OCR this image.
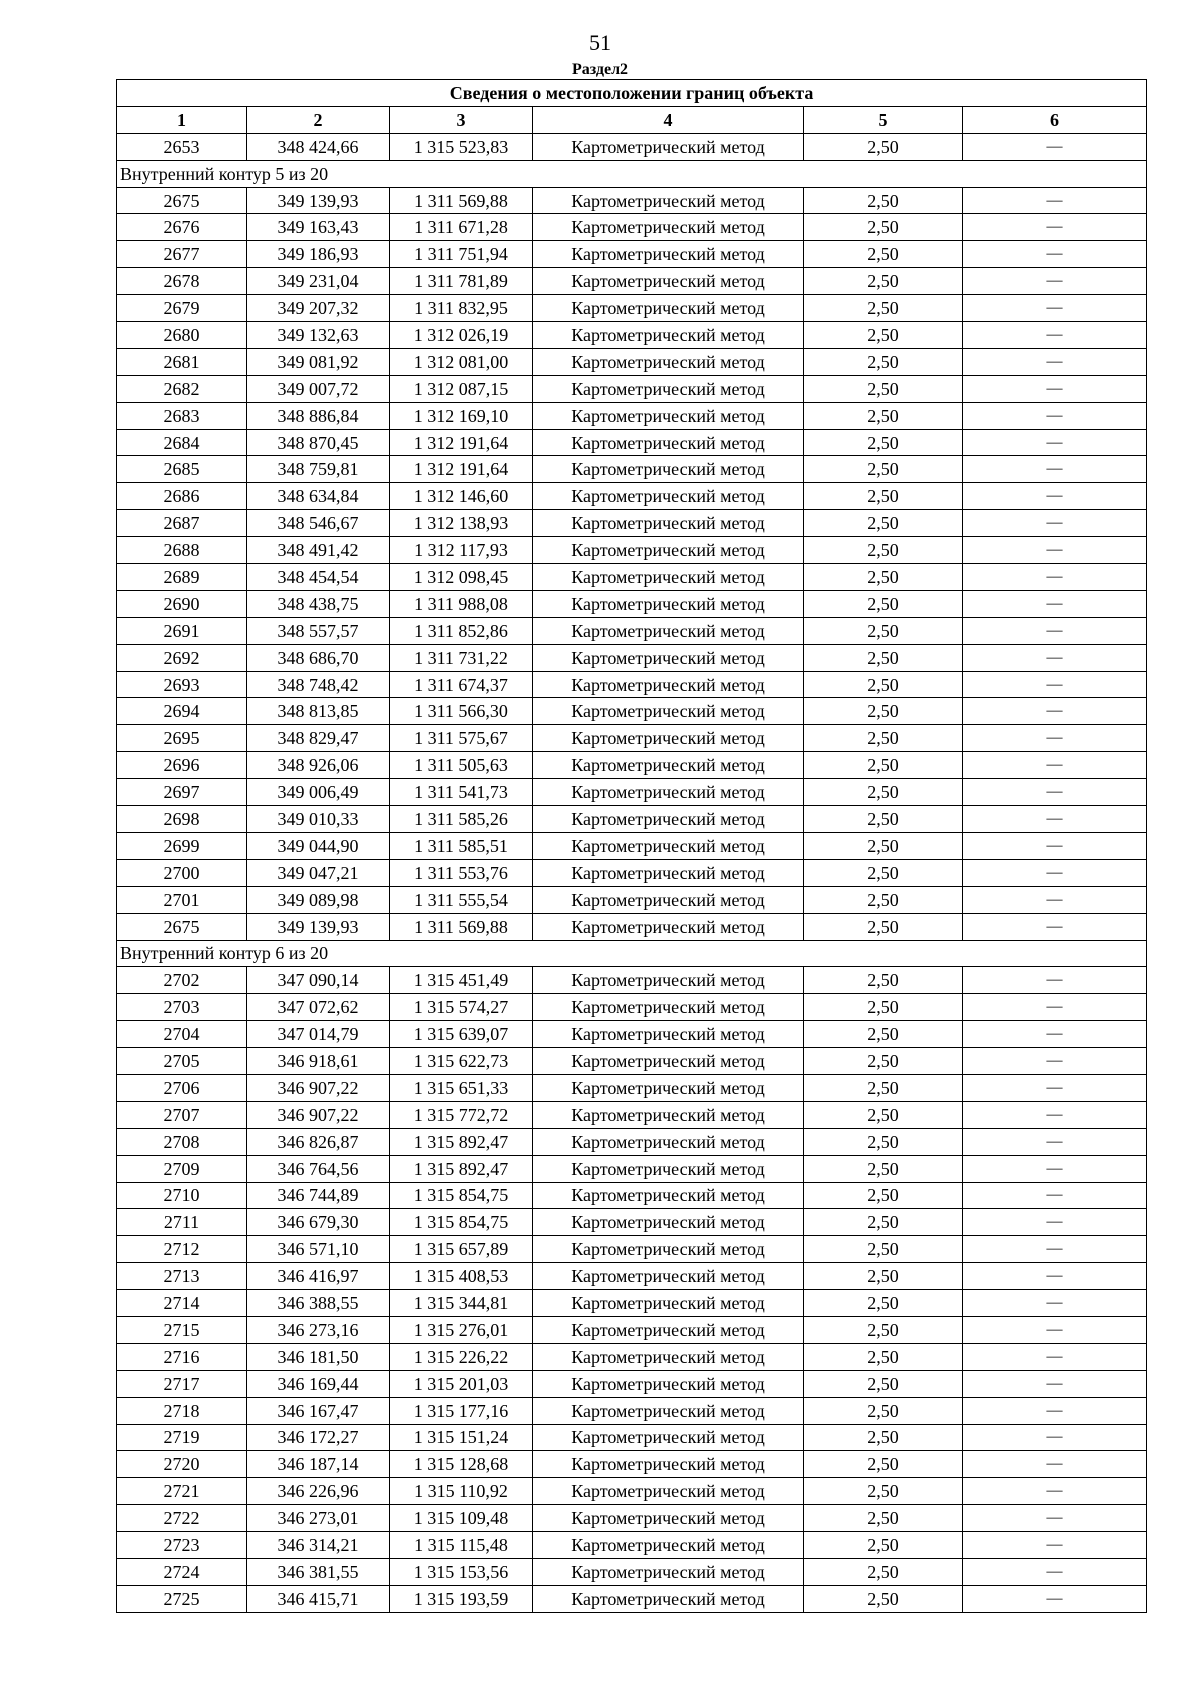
51
Раздел2
Сведения о местоположении границ объекта					
1	2	3	4	5	6
2653	348 424,66	1 315 523,83	Картометрический метод	2,50	—
Внутренний контур 5 из 20					
2675	349 139,93	1 311 569,88	Картометрический метод	2,50	—
2676	349 163,43	1 311 671,28	Картометрический метод	2,50	—
2677	349 186,93	1 311 751,94	Картометрический метод	2,50	—
2678	349 231,04	1 311 781,89	Картометрический метод	2,50	—
2679	349 207,32	1 311 832,95	Картометрический метод	2,50	—
2680	349 132,63	1 312 026,19	Картометрический метод	2,50	—
2681	349 081,92	1 312 081,00	Картометрический метод	2,50	—
2682	349 007,72	1 312 087,15	Картометрический метод	2,50	—
2683	348 886,84	1 312 169,10	Картометрический метод	2,50	—
2684	348 870,45	1 312 191,64	Картометрический метод	2,50	—
2685	348 759,81	1 312 191,64	Картометрический метод	2,50	—
2686	348 634,84	1 312 146,60	Картометрический метод	2,50	—
2687	348 546,67	1 312 138,93	Картометрический метод	2,50	—
2688	348 491,42	1 312 117,93	Картометрический метод	2,50	—
2689	348 454,54	1 312 098,45	Картометрический метод	2,50	—
2690	348 438,75	1 311 988,08	Картометрический метод	2,50	—
2691	348 557,57	1 311 852,86	Картометрический метод	2,50	—
2692	348 686,70	1 311 731,22	Картометрический метод	2,50	—
2693	348 748,42	1 311 674,37	Картометрический метод	2,50	—
2694	348 813,85	1 311 566,30	Картометрический метод	2,50	—
2695	348 829,47	1 311 575,67	Картометрический метод	2,50	—
2696	348 926,06	1 311 505,63	Картометрический метод	2,50	—
2697	349 006,49	1 311 541,73	Картометрический метод	2,50	—
2698	349 010,33	1 311 585,26	Картометрический метод	2,50	—
2699	349 044,90	1 311 585,51	Картометрический метод	2,50	—
2700	349 047,21	1 311 553,76	Картометрический метод	2,50	—
2701	349 089,98	1 311 555,54	Картометрический метод	2,50	—
2675	349 139,93	1 311 569,88	Картометрический метод	2,50	—
Внутренний контур 6 из 20					
2702	347 090,14	1 315 451,49	Картометрический метод	2,50	—
2703	347 072,62	1 315 574,27	Картометрический метод	2,50	—
2704	347 014,79	1 315 639,07	Картометрический метод	2,50	—
2705	346 918,61	1 315 622,73	Картометрический метод	2,50	—
2706	346 907,22	1 315 651,33	Картометрический метод	2,50	—
2707	346 907,22	1 315 772,72	Картометрический метод	2,50	—
2708	346 826,87	1 315 892,47	Картометрический метод	2,50	—
2709	346 764,56	1 315 892,47	Картометрический метод	2,50	—
2710	346 744,89	1 315 854,75	Картометрический метод	2,50	—
2711	346 679,30	1 315 854,75	Картометрический метод	2,50	—
2712	346 571,10	1 315 657,89	Картометрический метод	2,50	—
2713	346 416,97	1 315 408,53	Картометрический метод	2,50	—
2714	346 388,55	1 315 344,81	Картометрический метод	2,50	—
2715	346 273,16	1 315 276,01	Картометрический метод	2,50	—
2716	346 181,50	1 315 226,22	Картометрический метод	2,50	—
2717	346 169,44	1 315 201,03	Картометрический метод	2,50	—
2718	346 167,47	1 315 177,16	Картометрический метод	2,50	—
2719	346 172,27	1 315 151,24	Картометрический метод	2,50	—
2720	346 187,14	1 315 128,68	Картометрический метод	2,50	—
2721	346 226,96	1 315 110,92	Картометрический метод	2,50	—
2722	346 273,01	1 315 109,48	Картометрический метод	2,50	—
2723	346 314,21	1 315 115,48	Картометрический метод	2,50	—
2724	346 381,55	1 315 153,56	Картометрический метод	2,50	—
2725	346 415,71	1 315 193,59	Картометрический метод	2,50	—
